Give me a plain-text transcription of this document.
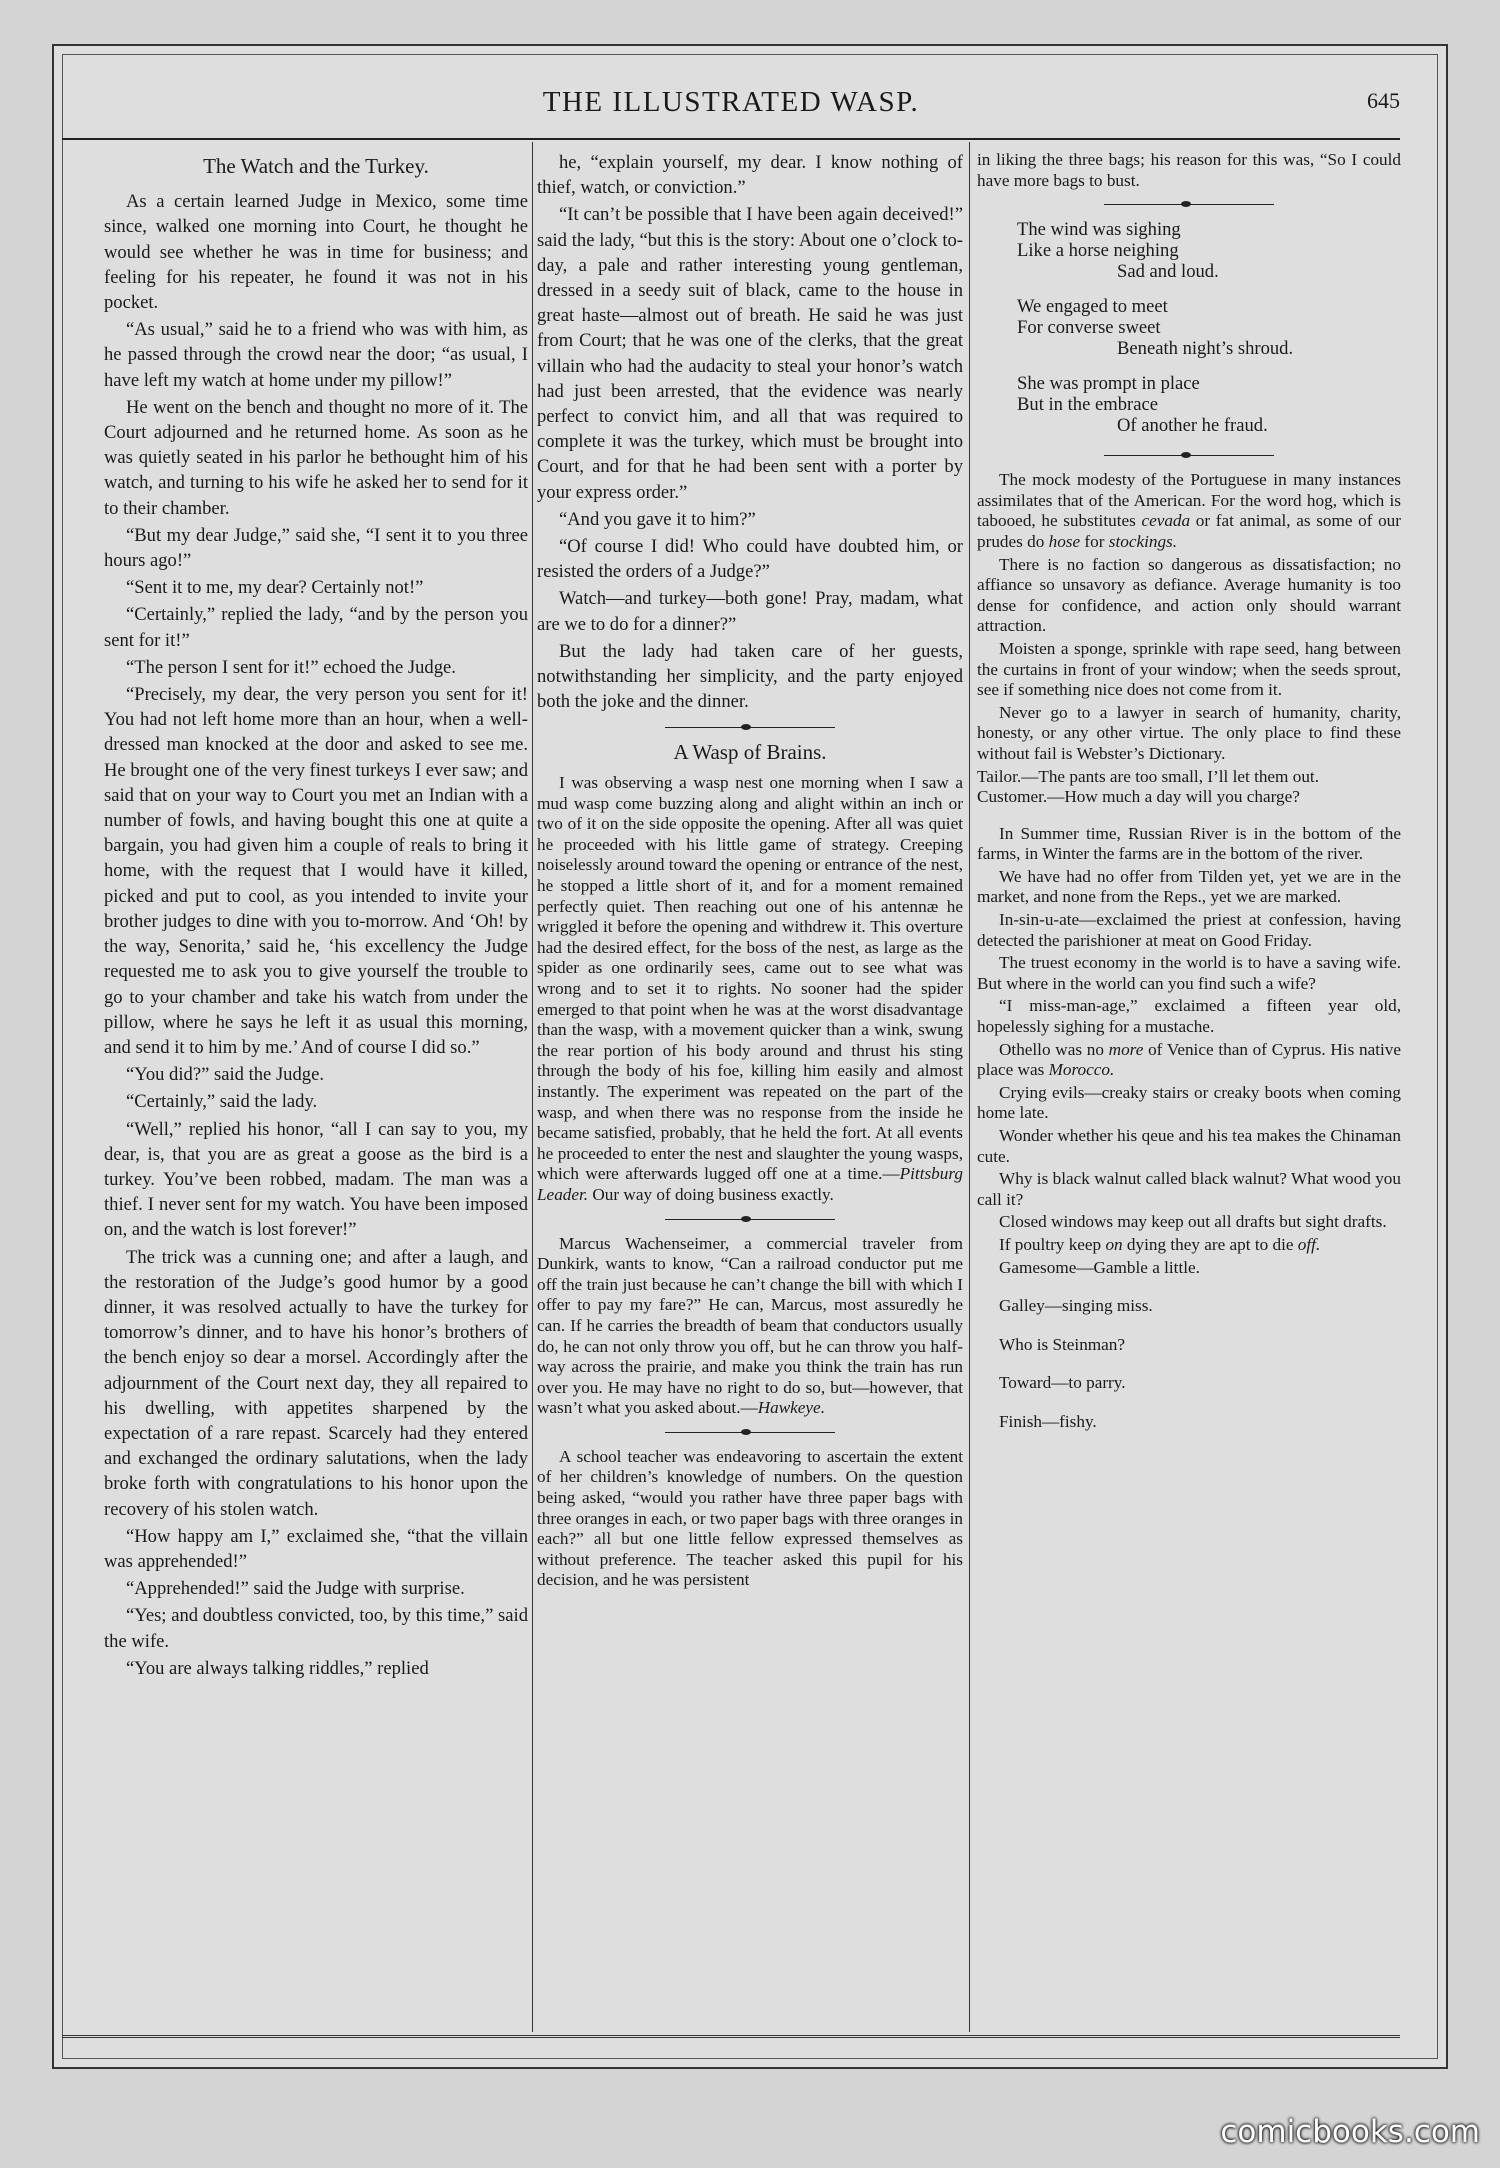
THE ILLUSTRATED WASP.	645
The Watch and the Turkey.

As a certain learned Judge in Mexico, some time since, walked one morning into Court, he thought he would see whether he was in time for business; and feeling for his repeater, he found it was not in his pocket.

“As usual,” said he to a friend who was with him, as he passed through the crowd near the door; “as usual, I have left my watch at home under my pillow!”

He went on the bench and thought no more of it. The Court adjourned and he returned home. As soon as he was quietly seated in his parlor he bethought him of his watch, and turning to his wife he asked her to send for it to their chamber.

“But my dear Judge,” said she, “I sent it to you three hours ago!”

“Sent it to me, my dear? Certainly not!”

“Certainly,” replied the lady, “and by the person you sent for it!”

“The person I sent for it!” echoed the Judge.

“Precisely, my dear, the very person you sent for it! You had not left home more than an hour, when a well-dressed man knocked at the door and asked to see me. He brought one of the very finest turkeys I ever saw; and said that on your way to Court you met an Indian with a number of fowls, and having bought this one at quite a bargain, you had given him a couple of reals to bring it home, with the request that I would have it killed, picked and put to cool, as you intended to invite your brother judges to dine with you to-morrow. And ‘Oh! by the way, Senorita,’ said he, ‘his excellency the Judge requested me to ask you to give yourself the trouble to go to your chamber and take his watch from under the pillow, where he says he left it as usual this morning, and send it to him by me.’ And of course I did so.”

“You did?” said the Judge.

“Certainly,” said the lady.

“Well,” replied his honor, “all I can say to you, my dear, is, that you are as great a goose as the bird is a turkey. You’ve been robbed, madam. The man was a thief. I never sent for my watch. You have been imposed on, and the watch is lost forever!”

The trick was a cunning one; and after a laugh, and the restoration of the Judge’s good humor by a good dinner, it was resolved actually to have the turkey for tomorrow’s dinner, and to have his honor’s brothers of the bench enjoy so dear a morsel. Accordingly after the adjournment of the Court next day, they all repaired to his dwelling, with appetites sharpened by the expectation of a rare repast. Scarcely had they entered and exchanged the ordinary salutations, when the lady broke forth with congratulations to his honor upon the recovery of his stolen watch.

“How happy am I,” exclaimed she, “that the villain was apprehended!”

“Apprehended!” said the Judge with surprise.

“Yes; and doubtless convicted, too, by this time,” said the wife.

“You are always talking riddles,” replied

he, “explain yourself, my dear. I know nothing of thief, watch, or conviction.”

“It can’t be possible that I have been again deceived!” said the lady, “but this is the story: About one o’clock to-day, a pale and rather interesting young gentleman, dressed in a seedy suit of black, came to the house in great haste—almost out of breath. He said he was just from Court; that he was one of the clerks, that the great villain who had the audacity to steal your honor’s watch had just been arrested, that the evidence was nearly perfect to convict him, and all that was required to complete it was the turkey, which must be brought into Court, and for that he had been sent with a porter by your express order.”

“And you gave it to him?”

“Of course I did! Who could have doubted him, or resisted the orders of a Judge?”

Watch—and turkey—both gone! Pray, madam, what are we to do for a dinner?”

But the lady had taken care of her guests, notwithstanding her simplicity, and the party enjoyed both the joke and the dinner.

A Wasp of Brains.

I was observing a wasp nest one morning when I saw a mud wasp come buzzing along and alight within an inch or two of it on the side opposite the opening. After all was quiet he proceeded with his little game of strategy. Creeping noiselessly around toward the opening or entrance of the nest, he stopped a little short of it, and for a moment remained perfectly quiet. Then reaching out one of his antennæ he wriggled it before the opening and withdrew it. This overture had the desired effect, for the boss of the nest, as large as the spider as one ordinarily sees, came out to see what was wrong and to set it to rights. No sooner had the spider emerged to that point when he was at the worst disadvantage than the wasp, with a movement quicker than a wink, swung the rear portion of his body around and thrust his sting through the body of his foe, killing him easily and almost instantly. The experiment was repeated on the part of the wasp, and when there was no response from the inside he became satisfied, probably, that he held the fort. At all events he proceeded to enter the nest and slaughter the young wasps, which were afterwards lugged off one at a time.—Pittsburg Leader. Our way of doing business exactly.

Marcus Wachenseimer, a commercial traveler from Dunkirk, wants to know, “Can a railroad conductor put me off the train just because he can’t change the bill with which I offer to pay my fare?” He can, Marcus, most assuredly he can. If he carries the breadth of beam that conductors usually do, he can not only throw you off, but he can throw you half-way across the prairie, and make you think the train has run over you. He may have no right to do so, but—however, that wasn’t what you asked about.—Hawkeye.

A school teacher was endeavoring to ascertain the extent of her children’s knowledge of numbers. On the question being asked, “would you rather have three paper bags with three oranges in each, or two paper bags with three oranges in each?” all but one little fellow expressed themselves as without preference. The teacher asked this pupil for his decision, and he was persistent

in liking the three bags; his reason for this was, “So I could have more bags to bust.

The wind was sighing
Like a horse neighing
Sad and loud.
We engaged to meet
For converse sweet
Beneath night’s shroud.
She was prompt in place
But in the embrace
Of another he fraud.

The mock modesty of the Portuguese in many instances assimilates that of the American. For the word hog, which is tabooed, he substitutes cevada or fat animal, as some of our prudes do hose for stockings.

There is no faction so dangerous as dissatisfaction; no affiance so unsavory as defiance. Average humanity is too dense for confidence, and action only should warrant attraction.

Moisten a sponge, sprinkle with rape seed, hang between the curtains in front of your window; when the seeds sprout, see if something nice does not come from it.

Never go to a lawyer in search of humanity, charity, honesty, or any other virtue. The only place to find these without fail is Webster’s Dictionary.

Tailor.—The pants are too small, I’ll let them out.
Customer.—How much a day will you charge?

In Summer time, Russian River is in the bottom of the farms, in Winter the farms are in the bottom of the river.

We have had no offer from Tilden yet, yet we are in the market, and none from the Reps., yet we are marked.

In-sin-u-ate—exclaimed the priest at confession, having detected the parishioner at meat on Good Friday.

The truest economy in the world is to have a saving wife. But where in the world can you find such a wife?

“I miss-man-age,” exclaimed a fifteen year old, hopelessly sighing for a mustache.

Othello was no more of Venice than of Cyprus. His native place was Morocco.

Crying evils—creaky stairs or creaky boots when coming home late.

Wonder whether his qeue and his tea makes the Chinaman cute.

Why is black walnut called black walnut? What wood you call it?

Closed windows may keep out all drafts but sight drafts.

If poultry keep on dying they are apt to die off.

Gamesome—Gamble a little.
Galley—singing miss.
Who is Steinman?
Toward—to parry.
Finish—fishy.
comicbooks.com
